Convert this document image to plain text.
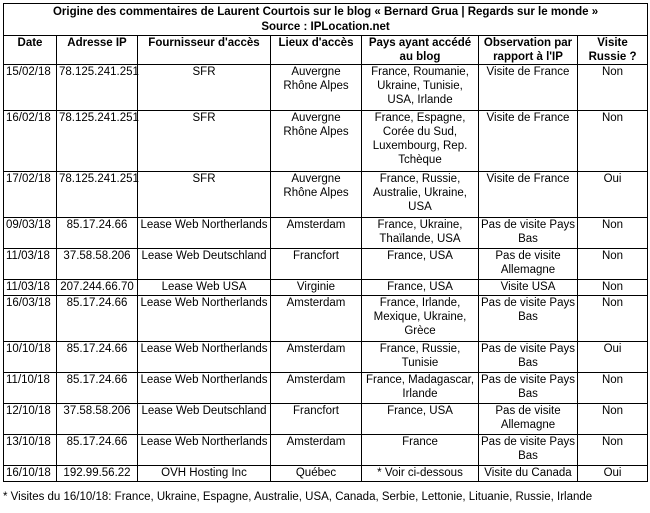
Origine des commentaires de Laurent Courtois sur le blog « Bernard Grua | Regards sur le monde »
Source : IPLocation.net						

Date	Adresse IP	Fournisseur d'accès	Lieux d'accès	Pays ayant accédé au blog	Observation par rapport à l'IP	Visite Russie ?
15/02/18	78.125.241.251	SFR	Auvergne Rhône Alpes	France, Roumanie, Ukraine, Tunisie, USA, Irlande	Visite de France	Non
16/02/18	78.125.241.251	SFR	Auvergne Rhône Alpes	France, Espagne, Corée du Sud, Luxembourg, Rep. Tchèque	Visite de France	Non
17/02/18	78.125.241.251	SFR	Auvergne Rhône Alpes	France, Russie, Australie, Ukraine, USA	Visite de France	Oui
09/03/18	85.17.24.66	Lease Web Northerlands	Amsterdam	France, Ukraine, Thaïlande, USA	Pas de visite Pays Bas	Non
11/03/18	37.58.58.206	Lease Web Deutschland	Francfort	France, USA	Pas de visite Allemagne	Non
11/03/18	207.244.66.70	Lease Web USA	Virginie	France, USA	Visite USA	Non
16/03/18	85.17.24.66	Lease Web Northerlands	Amsterdam	France, Irlande, Mexique, Ukraine, Grèce	Pas de visite Pays Bas	Non
10/10/18	85.17.24.66	Lease Web Northerlands	Amsterdam	France, Russie, Tunisie	Pas de visite Pays Bas	Oui
11/10/18	85.17.24.66	Lease Web Northerlands	Amsterdam	France, Madagascar, Irlande	Pas de visite Pays Bas	Non
12/10/18	37.58.58.206	Lease Web Deutschland	Francfort	France, USA	Pas de visite Allemagne	Non
13/10/18	85.17.24.66	Lease Web Northerlands	Amsterdam	France	Pas de visite Pays Bas	Non
16/10/18	192.99.56.22	OVH Hosting Inc	Québec	* Voir ci-dessous	Visite du Canada	Oui
* Visites du 16/10/18: France, Ukraine, Espagne, Australie, USA, Canada, Serbie, Lettonie, Lituanie, Russie, Irlande
